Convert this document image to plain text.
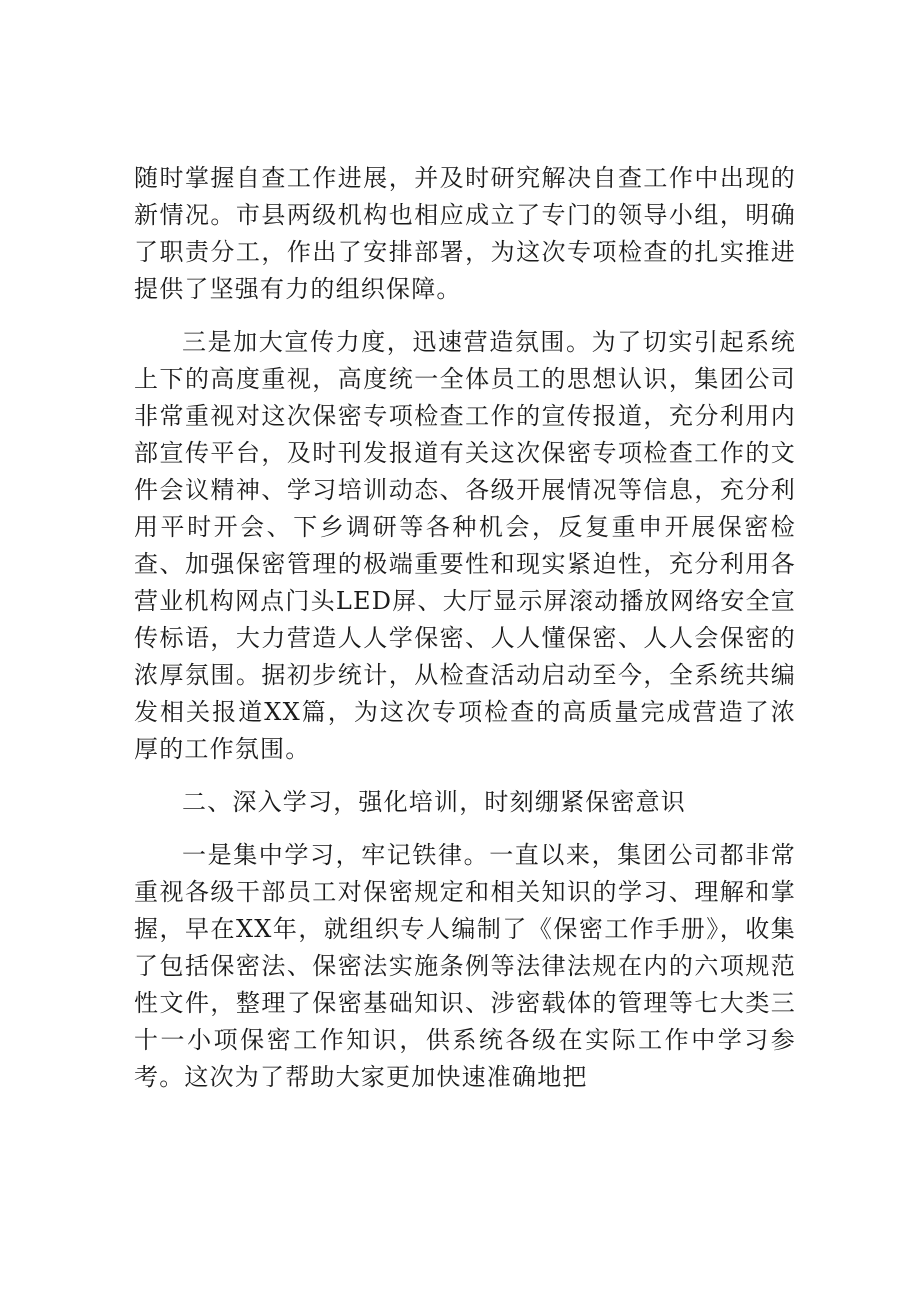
随时掌握自查工作进展，并及时研究解决自查工作中出现的新情况。市县两级机构也相应成立了专门的领导小组，明确了职责分工，作出了安排部署，为这次专项检查的扎实推进提供了坚强有力的组织保障。

三是加大宣传力度，迅速营造氛围。为了切实引起系统上下的高度重视，高度统一全体员工的思想认识，集团公司非常重视对这次保密专项检查工作的宣传报道，充分利用内部宣传平台，及时刊发报道有关这次保密专项检查工作的文件会议精神、学习培训动态、各级开展情况等信息，充分利用平时开会、下乡调研等各种机会，反复重申开展保密检查、加强保密管理的极端重要性和现实紧迫性，充分利用各营业机构网点门头LED屏、大厅显示屏滚动播放网络安全宣传标语，大力营造人人学保密、人人懂保密、人人会保密的浓厚氛围。据初步统计，从检查活动启动至今，全系统共编发相关报道XX篇，为这次专项检查的高质量完成营造了浓厚的工作氛围。

二、深入学习，强化培训，时刻绷紧保密意识

一是集中学习，牢记铁律。一直以来，集团公司都非常重视各级干部员工对保密规定和相关知识的学习、理解和掌握，早在XX年，就组织专人编制了《保密工作手册》，收集了包括保密法、保密法实施条例等法律法规在内的六项规范性文件，整理了保密基础知识、涉密载体的管理等七大类三十一小项保密工作知识，供系统各级在实际工作中学习参考。这次为了帮助大家更加快速准确地把
